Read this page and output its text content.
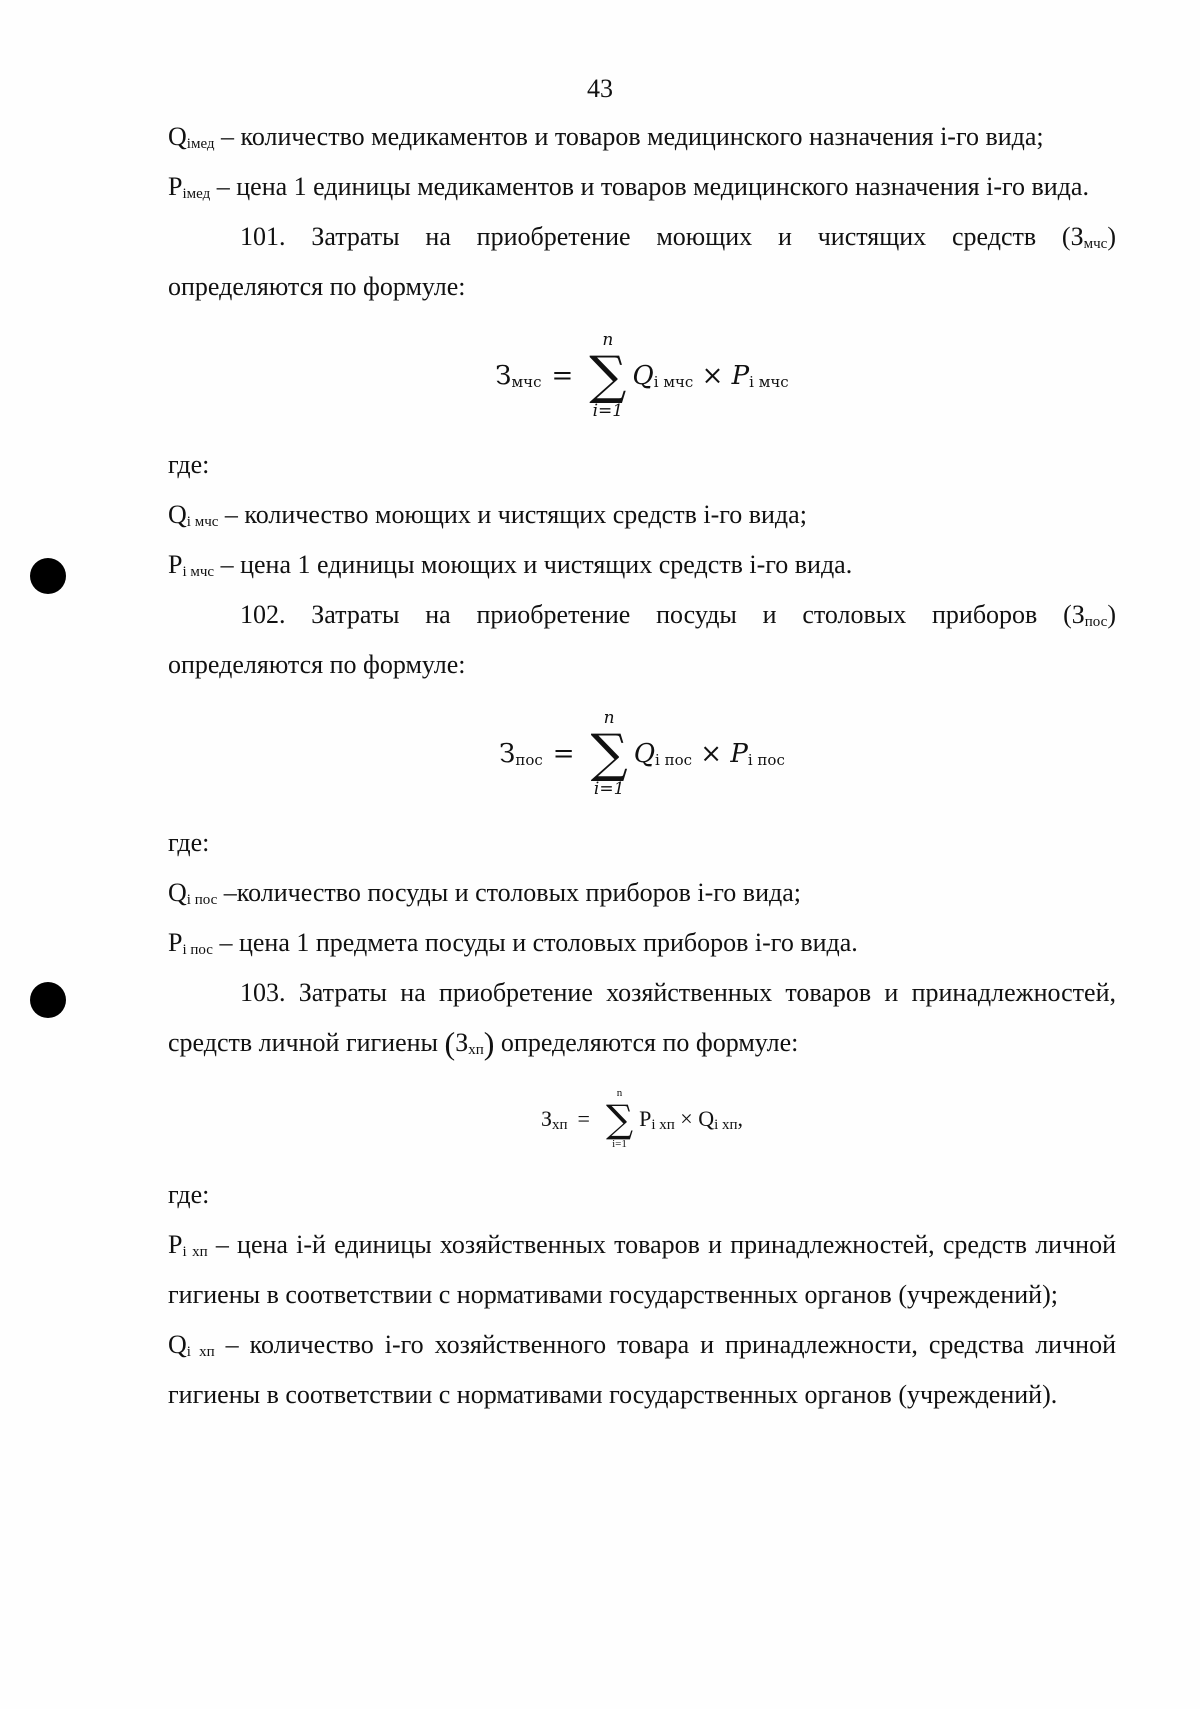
43

$Q_{iмед}$ – количество медикаментов и товаров медицинского назначения i-го вида;

$P_{iмед}$ – цена 1 единицы медикаментов и товаров медицинского назначения i-го вида.

101. Затраты на приобретение моющих и чистящих средств $(З_{мчс})$ определяются по формуле:

$З_{мчс}$ =
n
∑
i=1
$Q_{i мчс} \times P_{i мчс}$

где:

$Q_{i мчс}$ – количество моющих и чистящих средств i-го вида;

$P_{i мчс}$ – цена 1 единицы моющих и чистящих средств i-го вида.

102. Затраты на приобретение посуды и столовых приборов $(З_{пос})$ определяются по формуле:

$З_{пос}$ =
n
∑
i=1
$Q_{i пос} \times P_{i пос}$

где:

$Q_{i пос}$ –количество посуды и столовых приборов i-го вида;

$P_{i пос}$ – цена 1 предмета посуды и столовых приборов i-го вида.

103. Затраты на приобретение хозяйственных товаров и принадлежностей, средств личной гигиены $(З_{хп})$ определяются по формуле:

$З_{хп}$ =
n
∑
i=1
$P_{i хп} \times Q_{i хп}$,

где:

$P_{i хп}$ – цена i-й единицы хозяйственных товаров и принадлежностей, средств личной гигиены в соответствии с нормативами государственных органов (учреждений);

$Q_{i хп}$ – количество i-го хозяйственного товара и принадлежности, средства личной гигиены в соответствии с нормативами государственных органов (учреждений).
